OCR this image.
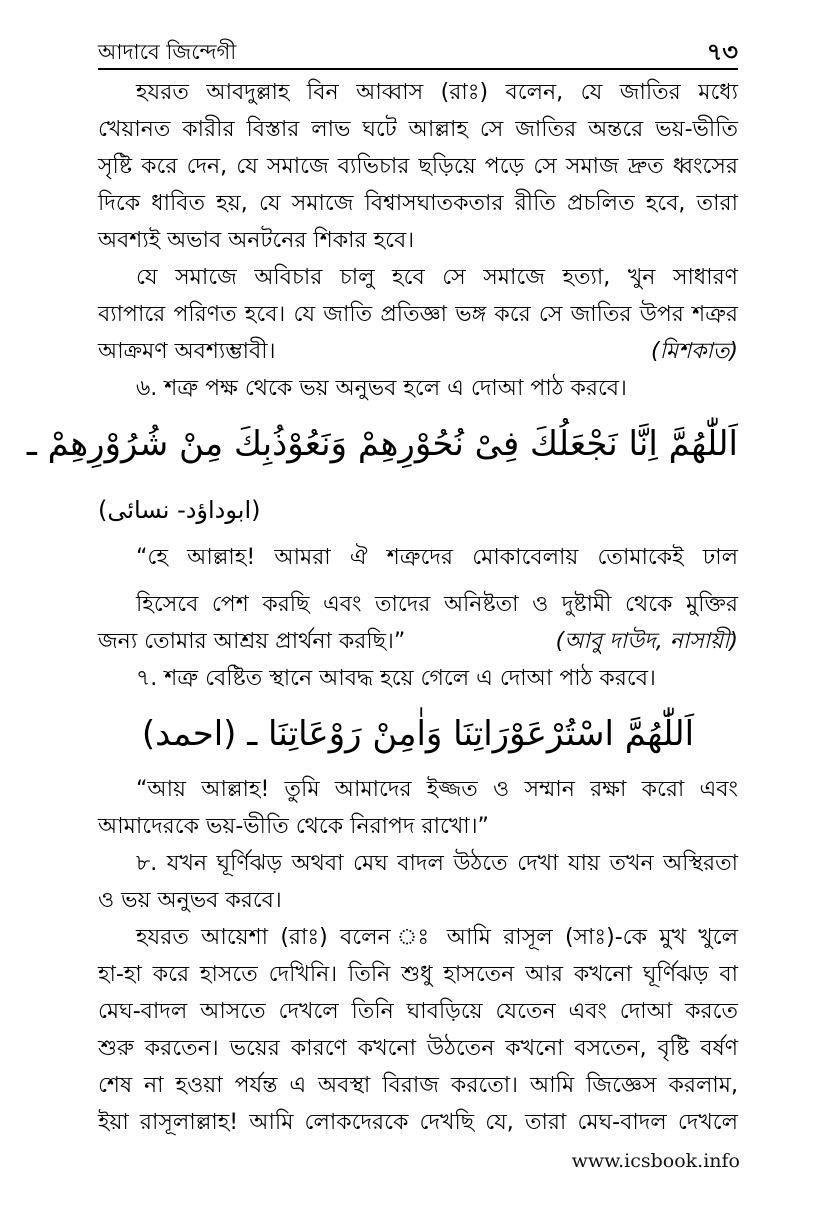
আদাবে জিন্দেগী	৭৩
হযরত আবদুল্লাহ বিন আব্বাস (রাঃ) বলেন, যে জাতির মধ্যে
খেয়ানত কারীর বিস্তার লাভ ঘটে আল্লাহ সে জাতির অন্তরে ভয়-ভীতি
সৃষ্টি করে দেন, যে সমাজে ব্যভিচার ছড়িয়ে পড়ে সে সমাজ দ্রুত ধ্বংসের
দিকে ধাবিত হয়, যে সমাজে বিশ্বাসঘাতকতার রীতি প্রচলিত হবে, তারা
অবশ্যই অভাব অনটনের শিকার হবে।
যে সমাজে অবিচার চালু হবে সে সমাজে হত্যা, খুন সাধারণ
ব্যাপারে পরিণত হবে। যে জাতি প্রতিজ্ঞা ভঙ্গ করে সে জাতির উপর শত্রুর
আক্রমণ অবশ্যম্ভাবী।	(মিশকাত)
৬. শত্রু পক্ষ থেকে ভয় অনুভব হলে এ দোআ পাঠ করবে।
اَللّٰهُمَّ اِنَّا نَجْعَلُكَ فِىْ نُحُوْرِهِمْ وَنَعُوْذُبِكَ مِنْ شُرُوْرِهِمْ ـ
(ابوداؤد- نسائى)
“হে আল্লাহ! আমরা ঐ শত্রুদের মোকাবেলায় তোমাকেই ঢাল
হিসেবে পেশ করছি এবং তাদের অনিষ্টতা ও দুষ্টামী থেকে মুক্তির
জন্য তোমার আশ্রয় প্রার্থনা করছি।”	(আবু দাউদ, নাসায়ী)
৭. শত্রু বেষ্টিত স্থানে আবদ্ধ হয়ে গেলে এ দোআ পাঠ করবে।
اَللّٰهُمَّ اسْتُرْعَوْرَاتِنَا وَاٰمِنْ رَوْعَاتِنَا ـ (احمد)
“আয় আল্লাহ! তুমি আমাদের ইজ্জত ও সম্মান রক্ষা করো এবং
আমাদেরকে ভয়-ভীতি থেকে নিরাপদ রাখো।”
৮. যখন ঘূর্ণিঝড় অথবা মেঘ বাদল উঠতে দেখা যায় তখন অস্থিরতা
ও ভয় অনুভব করবে।
হযরত আয়েশা (রাঃ) বলেন ঃ আমি রাসূল (সাঃ)-কে মুখ খুলে
হা-হা করে হাসতে দেখিনি। তিনি শুধু হাসতেন আর কখনো ঘূর্ণিঝড় বা
মেঘ-বাদল আসতে দেখলে তিনি ঘাবড়িয়ে যেতেন এবং দোআ করতে
শুরু করতেন। ভয়ের কারণে কখনো উঠতেন কখনো বসতেন, বৃষ্টি বর্ষণ
শেষ না হওয়া পর্যন্ত এ অবস্থা বিরাজ করতো। আমি জিজ্ঞেস করলাম,
ইয়া রাসূলাল্লাহ! আমি লোকদেরকে দেখছি যে, তারা মেঘ-বাদল দেখলে
www.icsbook.info
